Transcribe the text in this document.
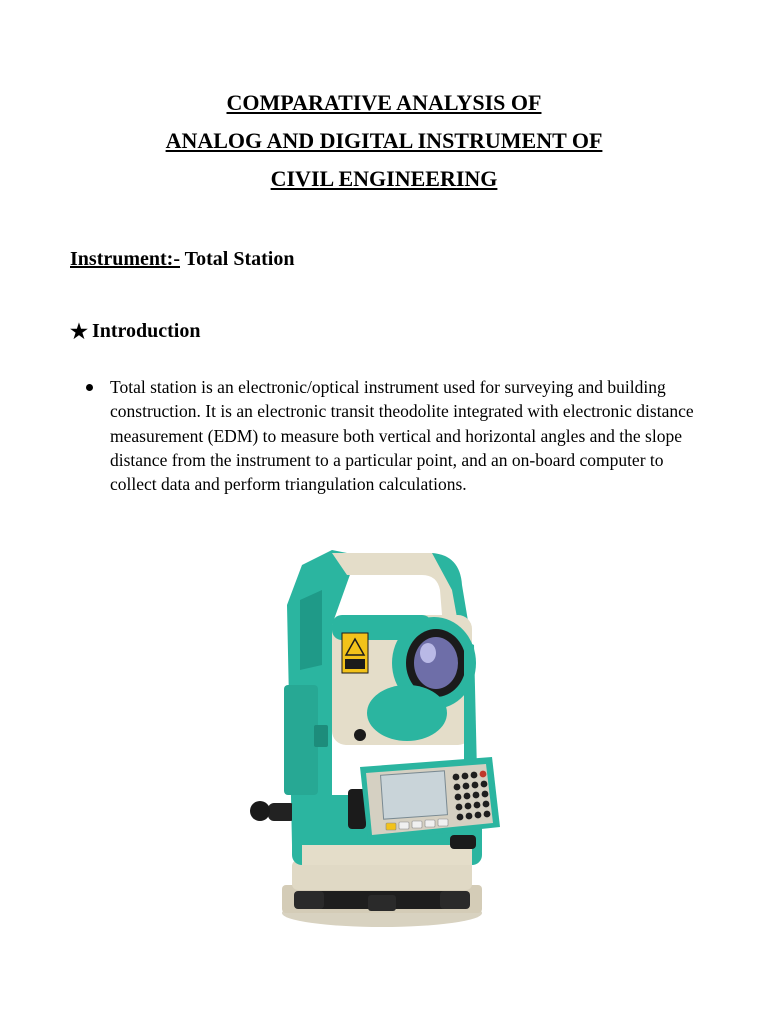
COMPARATIVE ANALYSIS OF
ANALOG AND DIGITAL INSTRUMENT OF
CIVIL ENGINEERING
Instrument:- Total Station
★ Introduction
Total station is an electronic/optical instrument used for surveying and building construction. It is an electronic transit theodolite integrated with electronic distance measurement (EDM) to measure both vertical and horizontal angles and the slope distance from the instrument to a particular point, and an on-board computer to collect data and perform triangulation calculations.
